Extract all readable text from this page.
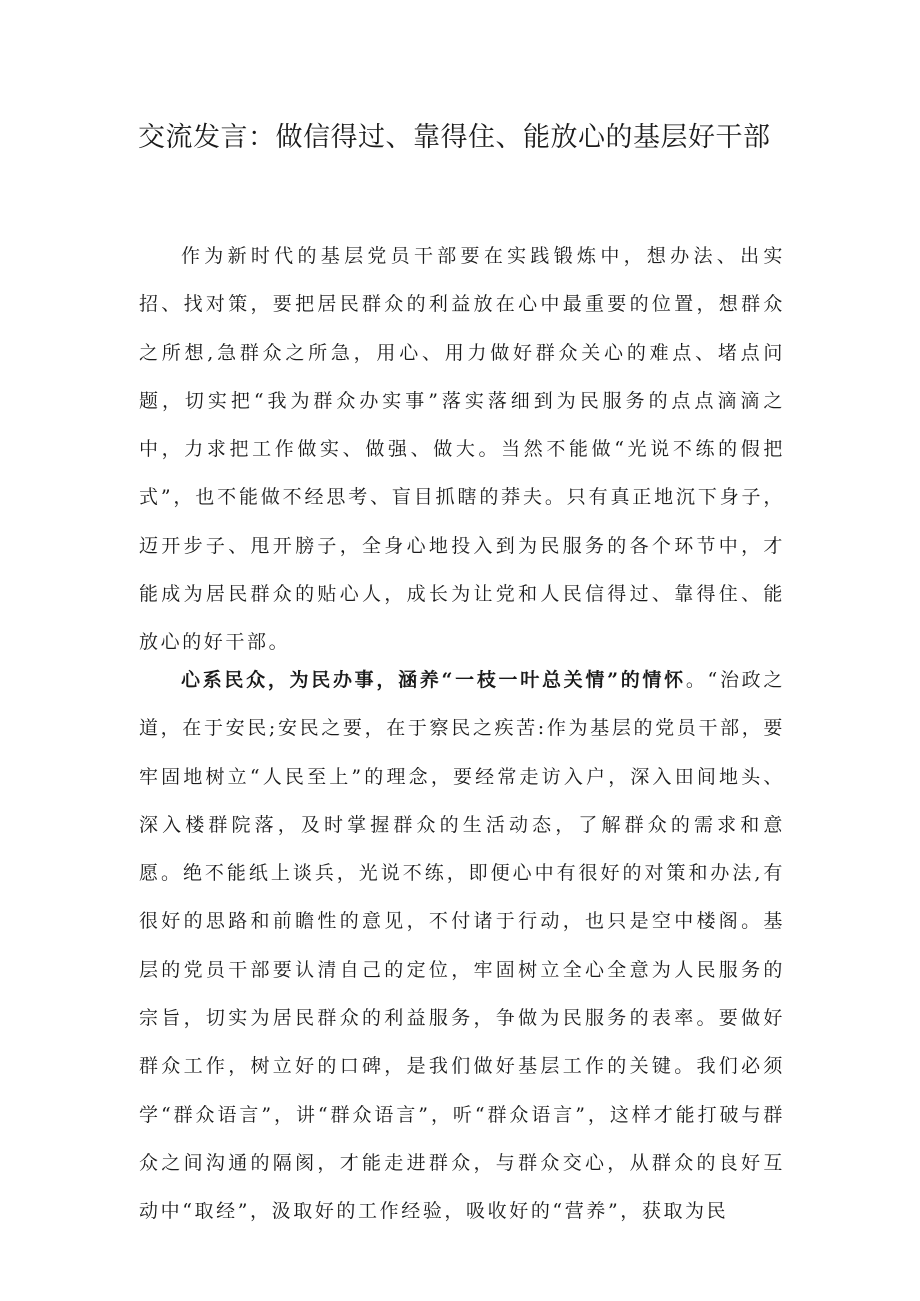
交流发言：做信得过、靠得住、能放心的基层好干部

作为新时代的基层党员干部要在实践锻炼中，想办法、出实招、找对策，要把居民群众的利益放在心中最重要的位置，想群众之所想,急群众之所急，用心、用力做好群众关心的难点、堵点问题，切实把“我为群众办实事”落实落细到为民服务的点点滴滴之中，力求把工作做实、做强、做大。当然不能做“光说不练的假把式”，也不能做不经思考、盲目抓瞎的莽夫。只有真正地沉下身子，迈开步子、甩开膀子，全身心地投入到为民服务的各个环节中，才能成为居民群众的贴心人，成长为让党和人民信得过、靠得住、能放心的好干部。

心系民众，为民办事，涵养“一枝一叶总关情”的情怀。“治政之道，在于安民;安民之要，在于察民之疾苦:作为基层的党员干部，要牢固地树立“人民至上”的理念，要经常走访入户，深入田间地头、深入楼群院落，及时掌握群众的生活动态，了解群众的需求和意愿。绝不能纸上谈兵，光说不练，即便心中有很好的对策和办法,有很好的思路和前瞻性的意见，不付诸于行动，也只是空中楼阁。基层的党员干部要认清自己的定位，牢固树立全心全意为人民服务的宗旨，切实为居民群众的利益服务，争做为民服务的表率。要做好群众工作，树立好的口碑，是我们做好基层工作的关键。我们必须学“群众语言”，讲“群众语言”，听“群众语言”，这样才能打破与群众之间沟通的隔阂，才能走进群众，与群众交心，从群众的良好互动中“取经”，汲取好的工作经验，吸收好的“营养”，获取为民
